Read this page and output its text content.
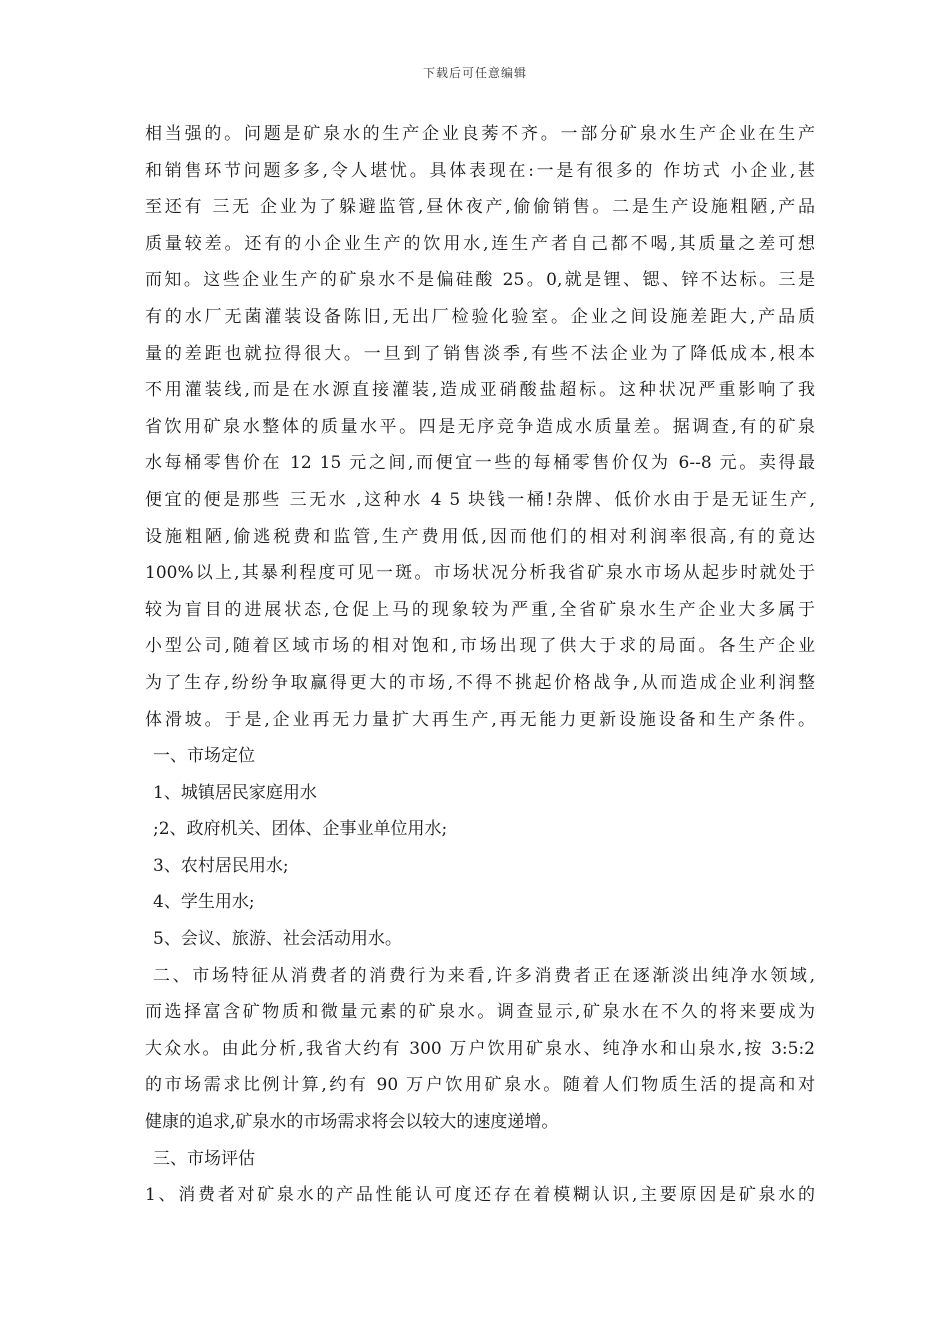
下载后可任意编辑
相当强的。问题是矿泉水的生产企业良莠不齐。一部分矿泉水生产企业在生产
和销售环节问题多多,令人堪忧。具体表现在:一是有很多的 作坊式 小企业,甚
至还有 三无 企业为了躲避监管,昼休夜产,偷偷销售。二是生产设施粗陋,产品
质量较差。还有的小企业生产的饮用水,连生产者自己都不喝,其质量之差可想
而知。这些企业生产的矿泉水不是偏硅酸 25。0,就是锂、锶、锌不达标。三是
有的水厂无菌灌装设备陈旧,无出厂检验化验室。企业之间设施差距大,产品质
量的差距也就拉得很大。一旦到了销售淡季,有些不法企业为了降低成本,根本
不用灌装线,而是在水源直接灌装,造成亚硝酸盐超标。这种状况严重影响了我
省饮用矿泉水整体的质量水平。四是无序竞争造成水质量差。据调查,有的矿泉
水每桶零售价在 12 15 元之间,而便宜一些的每桶零售价仅为 6--8 元。卖得最
便宜的便是那些 三无水 ,这种水 4 5 块钱一桶!杂牌、低价水由于是无证生产,
设施粗陋,偷逃税费和监管,生产费用低,因而他们的相对利润率很高,有的竟达
100%以上,其暴利程度可见一斑。市场状况分析我省矿泉水市场从起步时就处于
较为盲目的进展状态,仓促上马的现象较为严重,全省矿泉水生产企业大多属于
小型公司,随着区域市场的相对饱和,市场出现了供大于求的局面。各生产企业
为了生存,纷纷争取赢得更大的市场,不得不挑起价格战争,从而造成企业利润整
体滑坡。于是,企业再无力量扩大再生产,再无能力更新设施设备和生产条件。
一、市场定位
1、城镇居民家庭用水
;2、政府机关、团体、企事业单位用水;
3、农村居民用水;
4、学生用水;
5、会议、旅游、社会活动用水。
二、市场特征从消费者的消费行为来看,许多消费者正在逐渐淡出纯净水领域,
而选择富含矿物质和微量元素的矿泉水。调查显示,矿泉水在不久的将来要成为
大众水。由此分析,我省大约有 300 万户饮用矿泉水、纯净水和山泉水,按 3:5:2
的市场需求比例计算,约有 90 万户饮用矿泉水。随着人们物质生活的提高和对
健康的追求,矿泉水的市场需求将会以较大的速度递增。
三、市场评估
1、消费者对矿泉水的产品性能认可度还存在着模糊认识,主要原因是矿泉水的
